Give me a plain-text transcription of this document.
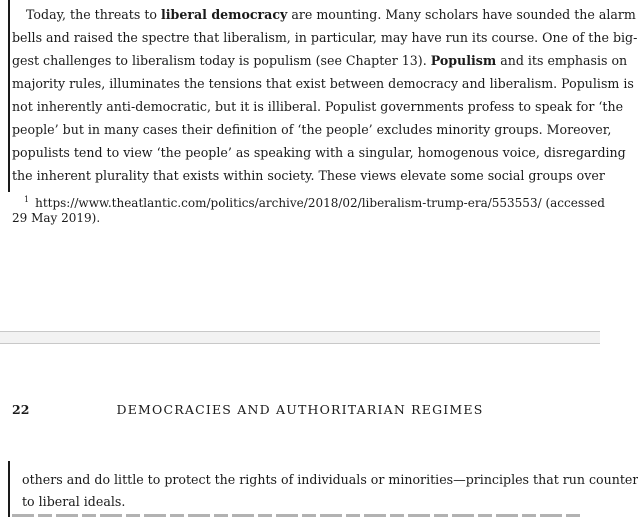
Today, the threats to liberal democracy are mounting. Many scholars have sounded the alarm
bells and raised the spectre that liberalism, in particular, may have run its course. One of the big-
gest challenges to liberalism today is populism (see Chapter 13). Populism and its emphasis on
majority rules, illuminates the tensions that exist between democracy and liberalism. Populism is
not inherently anti-democratic, but it is illiberal. Populist governments profess to speak for ‘the
people’ but in many cases their definition of ‘the people’ excludes minority groups. Moreover,
populists tend to view ‘the people’ as speaking with a singular, homogenous voice, disregarding
the inherent plurality that exists within society. These views elevate some social groups over
$^1$ https://www.theatlantic.com/politics/archive/2018/02/liberalism-trump-era/553553/ (accessed
29 May 2019).
22	DEMOCRACIES AND AUTHORITARIAN REGIMES
others and do little to protect the rights of individuals or minorities—principles that run counter
to liberal ideals.
